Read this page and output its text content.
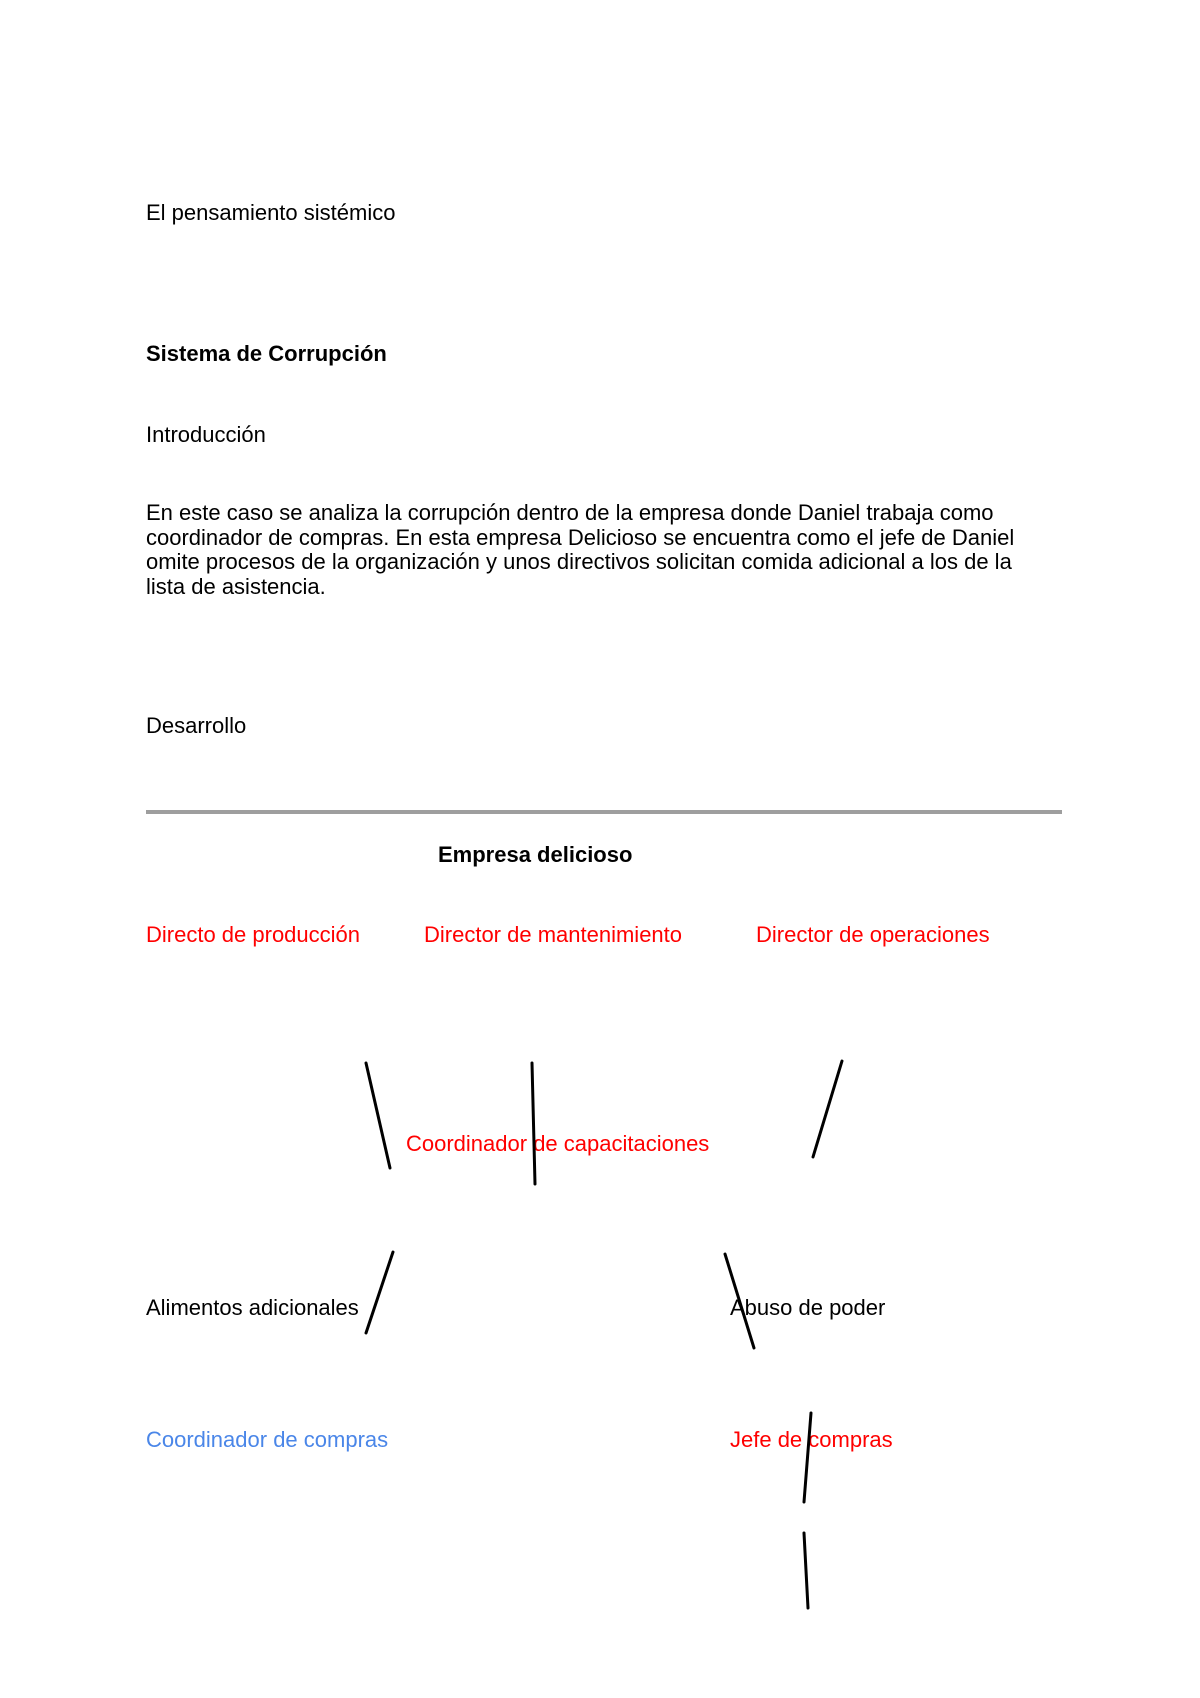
El pensamiento sistémico
Sistema de Corrupción
Introducción
En este caso se analiza la corrupción dentro de la empresa donde Daniel trabaja como coordinador de compras. En esta empresa Delicioso se encuentra como el jefe de Daniel omite procesos de la organización y unos directivos solicitan comida adicional a los de la lista de asistencia.
Desarrollo
Empresa delicioso
Directo de producción	Director de mantenimiento	Director de operaciones
Coordinador de capacitaciones
Alimentos adicionales	Abuso de poder
Coordinador de compras	Jefe de compras
